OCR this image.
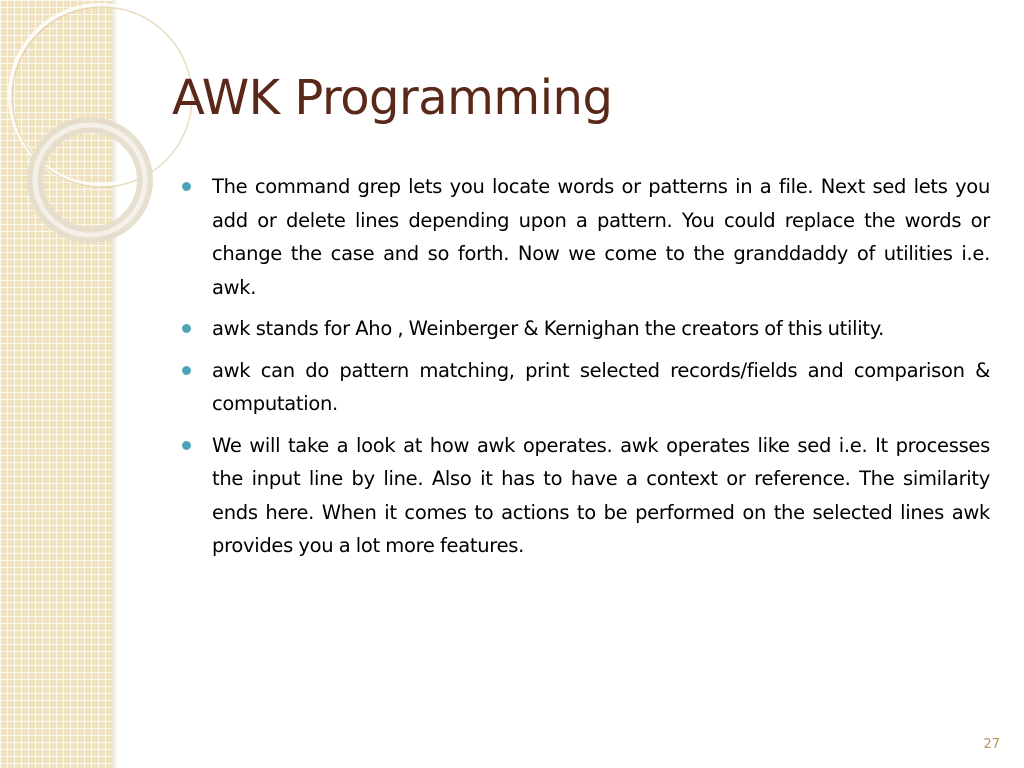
AWK Programming
The command grep lets you locate words or patterns in a file. Next sed lets you add or delete lines depending upon a pattern. You could replace the words or change the case and so forth. Now we come to the granddaddy of utilities i.e. awk.
awk stands for Aho , Weinberger & Kernighan the creators of this utility.
awk can do pattern matching, print selected records/fields and comparison & computation.
We will take a look at how awk operates. awk operates like sed i.e. It processes the input line by line. Also it has to have a context or reference. The similarity ends here. When it comes to actions to be performed on the selected lines awk provides you a lot more features.
27
